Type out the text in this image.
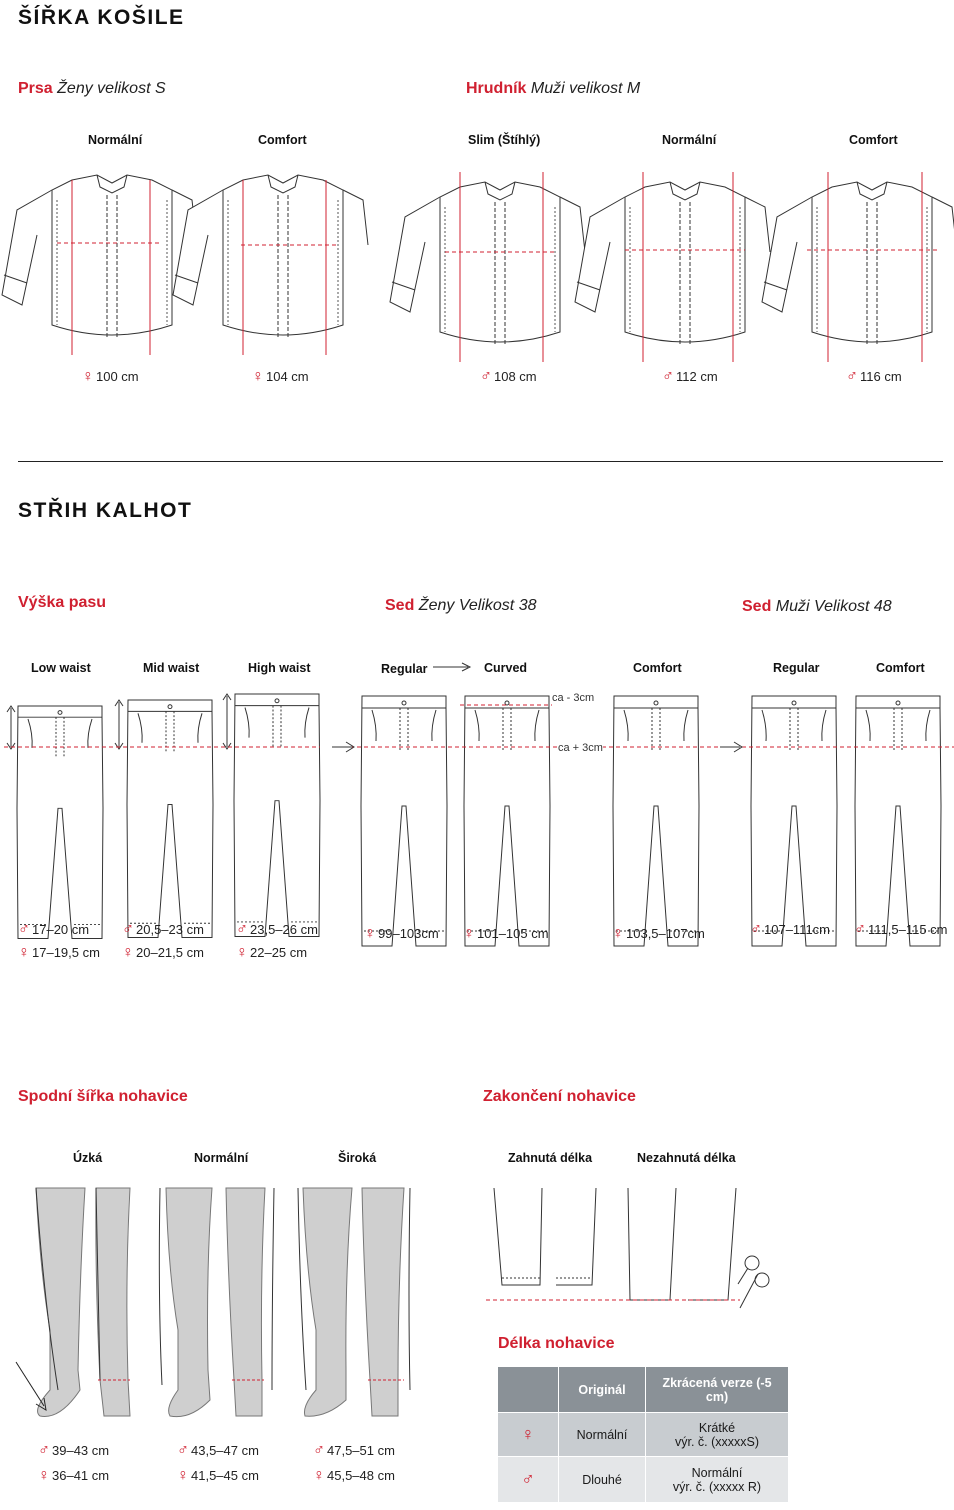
ŠÍŘKA KOŠILE
Prsa Ženy velikost S	Hrudník Muži velikost M
Normální	Comfort	Slim (Štíhlý)	Normální	Comfort
♀ 100 cm	♀ 104 cm	♂ 108 cm	♂ 112 cm	♂ 116 cm
STŘIH KALHOT
Výška pasu	Sed Ženy Velikost 38	Sed Muži Velikost 48
Low waist	Mid waist	High waist	Regular	Curved	Comfort	Regular	Comfort
ca - 3cm
ca + 3cm
♂ 17–20 cm
♀ 17–19,5 cm
♂ 20,5–23 cm
♀ 20–21,5 cm
♂ 23,5–26 cm
♀ 22–25 cm
♀ 99–103cm ♀ 101–105 cm	♀ 103,5–107cm	♂ 107–111cm ♂ 111,5–115 cm
Spodní šířka nohavice	Zakončení nohavice
Úzká	Normální	Široká	Zahnutá délka	Nezahnutá délka
♂ 39–43 cm
♀ 36–41 cm
♂ 43,5–47 cm
♀ 41,5–45 cm
♂ 47,5–51 cm
♀ 45,5–48 cm
Délka nohavice
	Originál	Zkrácená verze (-5 cm)
♀	Normální	Krátké
výr. č. (xxxxxS)

♂	Dlouhé	Normální
výr. č. (xxxxx R)
